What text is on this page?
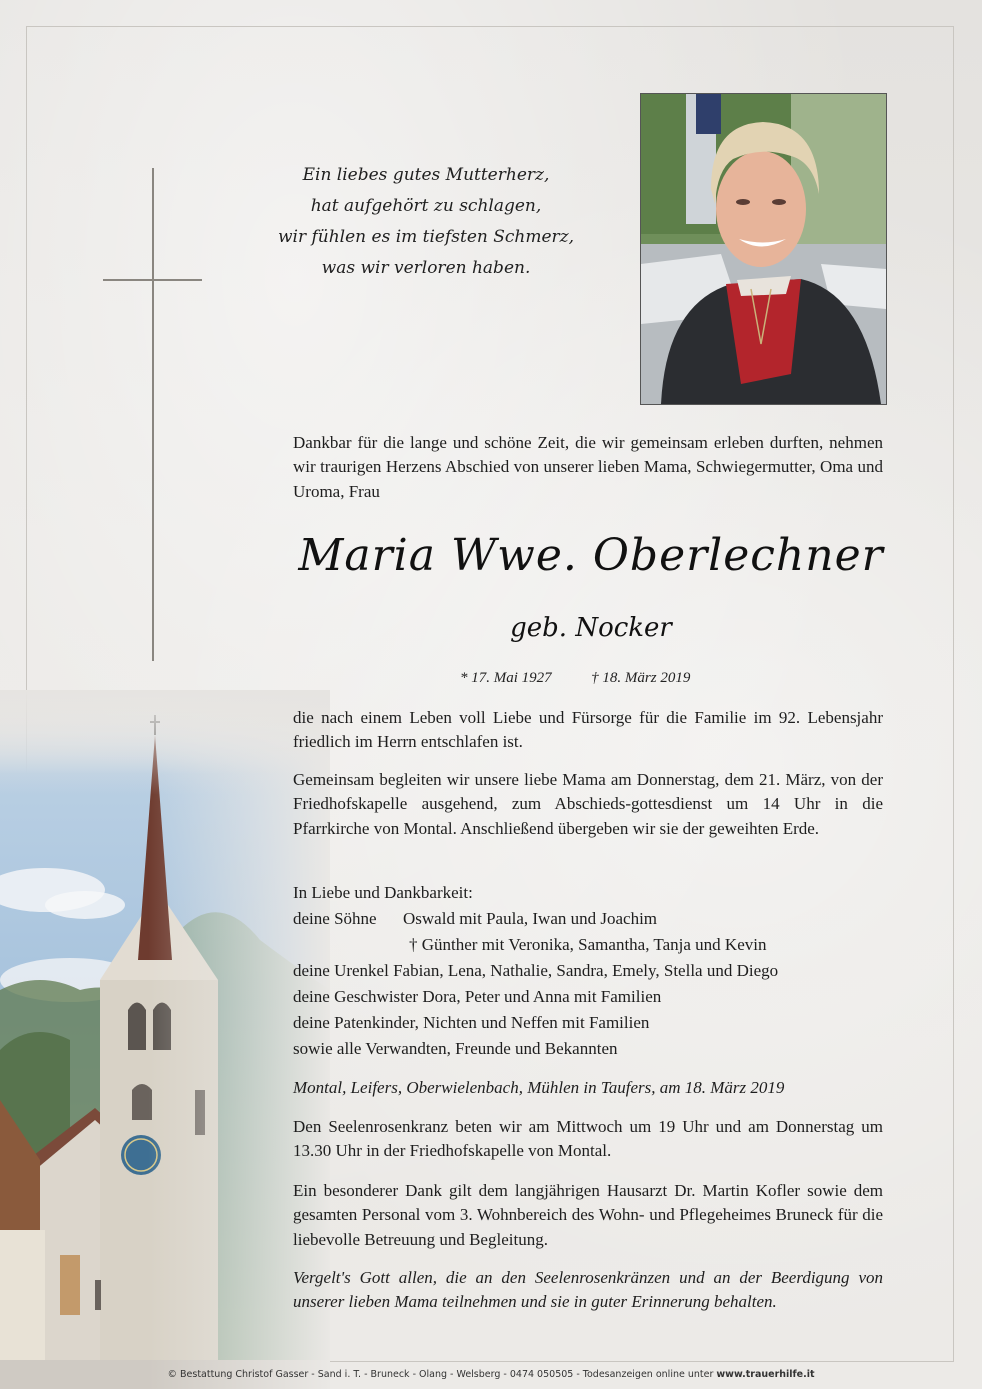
Ein liebes gutes Mutterherz,
hat aufgehört zu schlagen,
wir fühlen es im tiefsten Schmerz,
was wir verloren haben.
Dankbar für die lange und schöne Zeit, die wir gemeinsam erleben durften, nehmen wir traurigen Herzens Abschied von unserer lieben Mama, Schwiegermutter, Oma und Uroma, Frau
Maria Wwe. Oberlechner
geb. Nocker
* 17. Mai 1927	† 18. März 2019
die nach einem Leben voll Liebe und Fürsorge für die Familie im 92. Lebensjahr friedlich im Herrn entschlafen ist.
Gemeinsam begleiten wir unsere liebe Mama am Donnerstag, dem 21. März, von der Friedhofskapelle ausgehend, zum Abschieds-gottesdienst um 14 Uhr in die Pfarrkirche von Montal. Anschließend übergeben wir sie der geweihten Erde.
In Liebe und Dankbarkeit:
deine Söhne Oswald mit Paula, Iwan und Joachim
† Günther mit Veronika, Samantha, Tanja und Kevin
deine Urenkel Fabian, Lena, Nathalie, Sandra, Emely, Stella und Diego
deine Geschwister Dora, Peter und Anna mit Familien
deine Patenkinder, Nichten und Neffen mit Familien
sowie alle Verwandten, Freunde und Bekannten
Montal, Leifers, Oberwielenbach, Mühlen in Taufers, am 18. März 2019
Den Seelenrosenkranz beten wir am Mittwoch um 19 Uhr und am Donnerstag um 13.30 Uhr in der Friedhofskapelle von Montal.
Ein besonderer Dank gilt dem langjährigen Hausarzt Dr. Martin Kofler sowie dem gesamten Personal vom 3. Wohnbereich des Wohn- und Pflegeheimes Bruneck für die liebevolle Betreuung und Begleitung.
Vergelt's Gott allen, die an den Seelenrosenkränzen und an der Beerdigung von unserer lieben Mama teilnehmen und sie in guter Erinnerung behalten.
© Bestattung Christof Gasser - Sand i. T. - Bruneck - Olang - Welsberg - 0474 050505 - Todesanzeigen online unter www.trauerhilfe.it
